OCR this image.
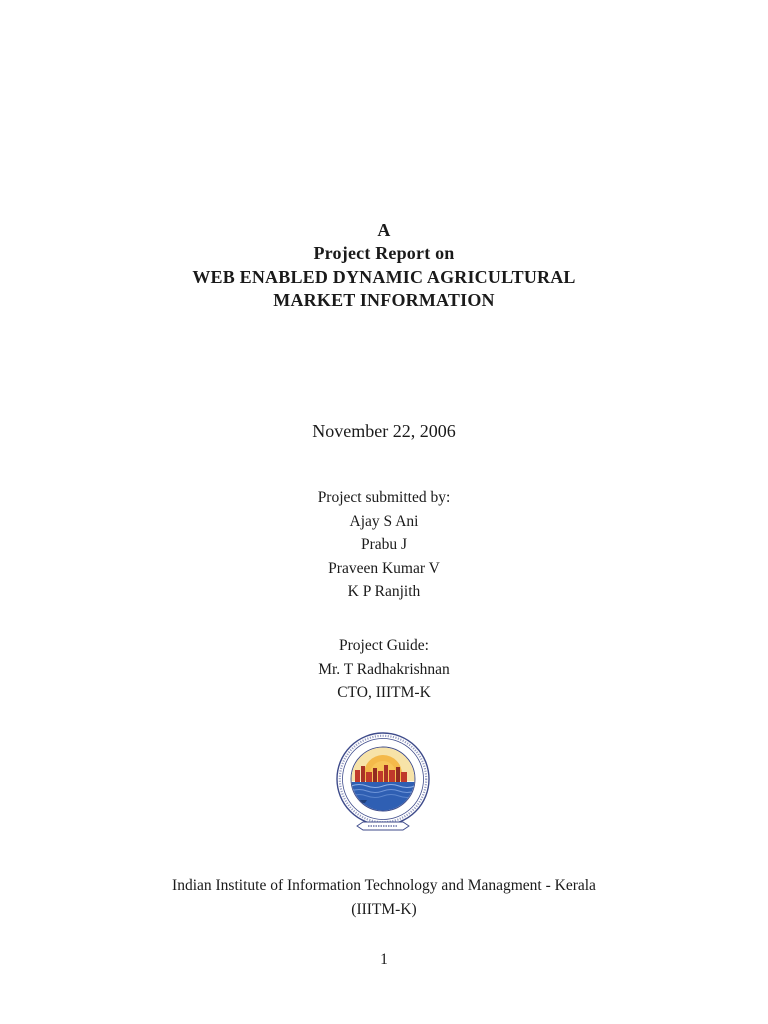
A
Project Report on
WEB ENABLED DYNAMIC AGRICULTURAL
MARKET INFORMATION
November 22, 2006
Project submitted by:
Ajay S Ani
Prabu J
Praveen Kumar V
K P Ranjith
Project Guide:
Mr. T Radhakrishnan
CTO, IIITM-K
Indian Institute of Information Technology and Managment - Kerala
(IIITM-K)
1
